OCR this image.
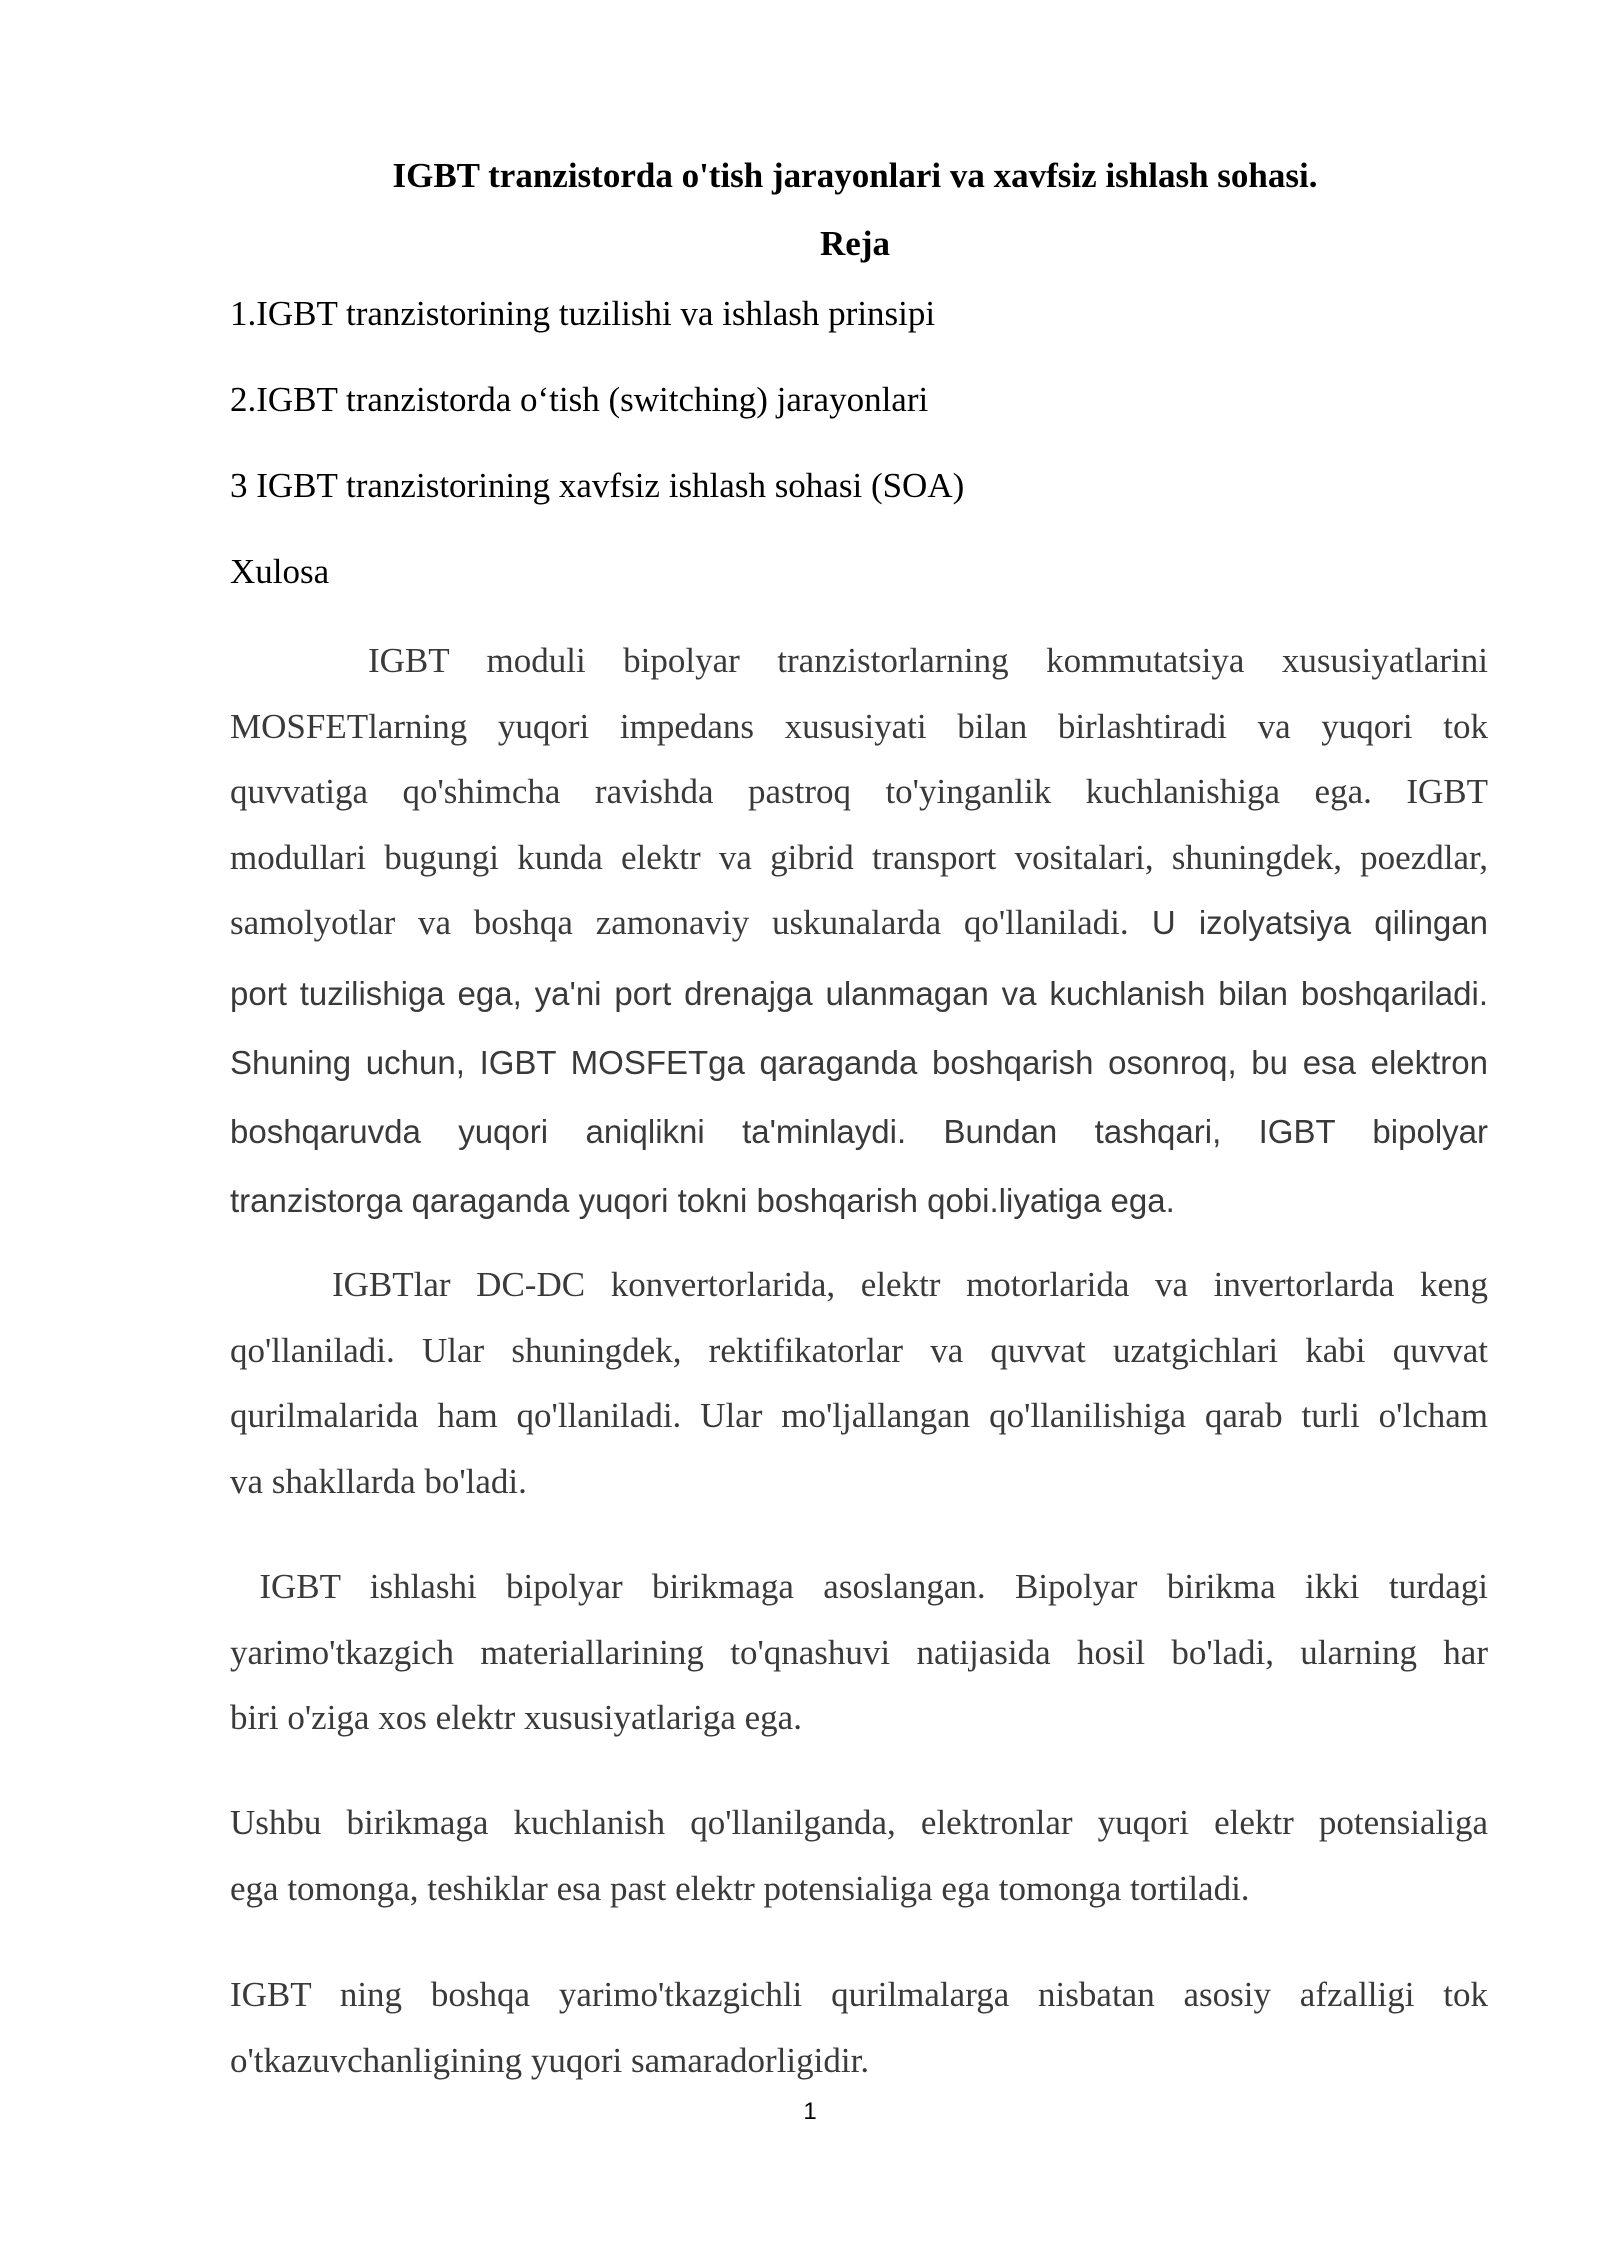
IGBT tranzistorda o'tish jarayonlari va xavfsiz ishlash sohasi.
Reja
1.IGBT tranzistorining tuzilishi va ishlash prinsipi
2.IGBT tranzistorda o‘tish (switching) jarayonlari
3 IGBT tranzistorining xavfsiz ishlash sohasi (SOA)
Xulosa
IGBT moduli bipolyar tranzistorlarning kommutatsiya xususiyatlarini
MOSFETlarning yuqori impedans xususiyati bilan birlashtiradi va yuqori tok
quvvatiga qo'shimcha ravishda pastroq to'yinganlik kuchlanishiga ega. IGBT
modullari bugungi kunda elektr va gibrid transport vositalari, shuningdek, poezdlar,
samolyotlar va boshqa zamonaviy uskunalarda qo'llaniladi. U izolyatsiya qilingan
port tuzilishiga ega, ya'ni port drenajga ulanmagan va kuchlanish bilan boshqariladi.
Shuning uchun, IGBT MOSFETga qaraganda boshqarish osonroq, bu esa elektron
boshqaruvda yuqori aniqlikni ta'minlaydi. Bundan tashqari, IGBT bipolyar
tranzistorga qaraganda yuqori tokni boshqarish qobi.liyatiga ega.
IGBTlar DC-DC konvertorlarida, elektr motorlarida va invertorlarda keng
qo'llaniladi. Ular shuningdek, rektifikatorlar va quvvat uzatgichlari kabi quvvat
qurilmalarida ham qo'llaniladi. Ular mo'ljallangan qo'llanilishiga qarab turli o'lcham
va shakllarda bo'ladi.
IGBT ishlashi bipolyar birikmaga asoslangan. Bipolyar birikma ikki turdagi
yarimo'tkazgich materiallarining to'qnashuvi natijasida hosil bo'ladi, ularning har
biri o'ziga xos elektr xususiyatlariga ega.
Ushbu birikmaga kuchlanish qo'llanilganda, elektronlar yuqori elektr potensialiga
ega tomonga, teshiklar esa past elektr potensialiga ega tomonga tortiladi.
IGBT ning boshqa yarimo'tkazgichli qurilmalarga nisbatan asosiy afzalligi tok
o'tkazuvchanligining yuqori samaradorligidir.
1
